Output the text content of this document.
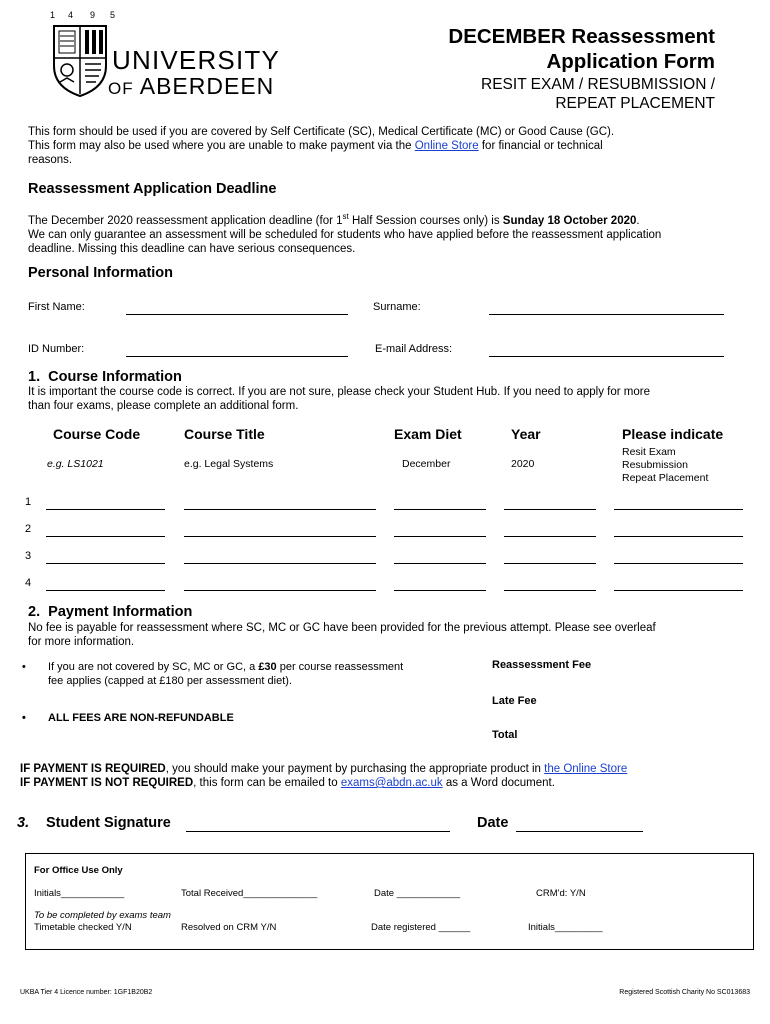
1 4 9 5
UNIVERSITY
OF ABERDEEN
DECEMBER Reassessment
Application Form
RESIT EXAM / RESUBMISSION /
REPEAT PLACEMENT
This form should be used if you are covered by Self Certificate (SC), Medical Certificate (MC) or Good Cause (GC).
This form may also be used where you are unable to make payment via the Online Store for financial or technical
reasons.
Reassessment Application Deadline
The December 2020 reassessment application deadline (for 1st Half Session courses only) is Sunday 18 October 2020.
We can only guarantee an assessment will be scheduled for students who have applied before the reassessment application
deadline. Missing this deadline can have serious consequences.
Personal Information
First Name:	Surname:
ID Number:	E-mail Address:
1.  Course Information
It is important the course code is correct. If you are not sure, please check your Student Hub. If you need to apply for more
than four exams, please complete an additional form.
Course Code	Course Title	Exam Diet	Year	Please indicate
e.g. LS1021	e.g. Legal Systems	December	2020
Resit Exam
Resubmission
Repeat Placement
1
2
3
4
2.  Payment Information
No fee is payable for reassessment where SC, MC or GC have been provided for the previous attempt. Please see overleaf
for more information.
• If you are not covered by SC, MC or GC, a £30 per course reassessment
fee applies (capped at £180 per assessment diet).
• ALL FEES ARE NON-REFUNDABLE
Reassessment Fee
Late Fee
Total
IF PAYMENT IS REQUIRED, you should make your payment by purchasing the appropriate product in the Online Store
IF PAYMENT IS NOT REQUIRED, this form can be emailed to exams@abdn.ac.uk as a Word document.
3. Student Signature	Date
For Office Use Only
Initials____________	Total Received______________	Date ____________	CRM'd: Y/N
To be completed by exams team
Timetable checked Y/N	Resolved on CRM Y/N	Date registered ______	Initials_________
UKBA Tier 4 Licence number: 1GF1B20B2	Registered Scottish Charity No SC013683
